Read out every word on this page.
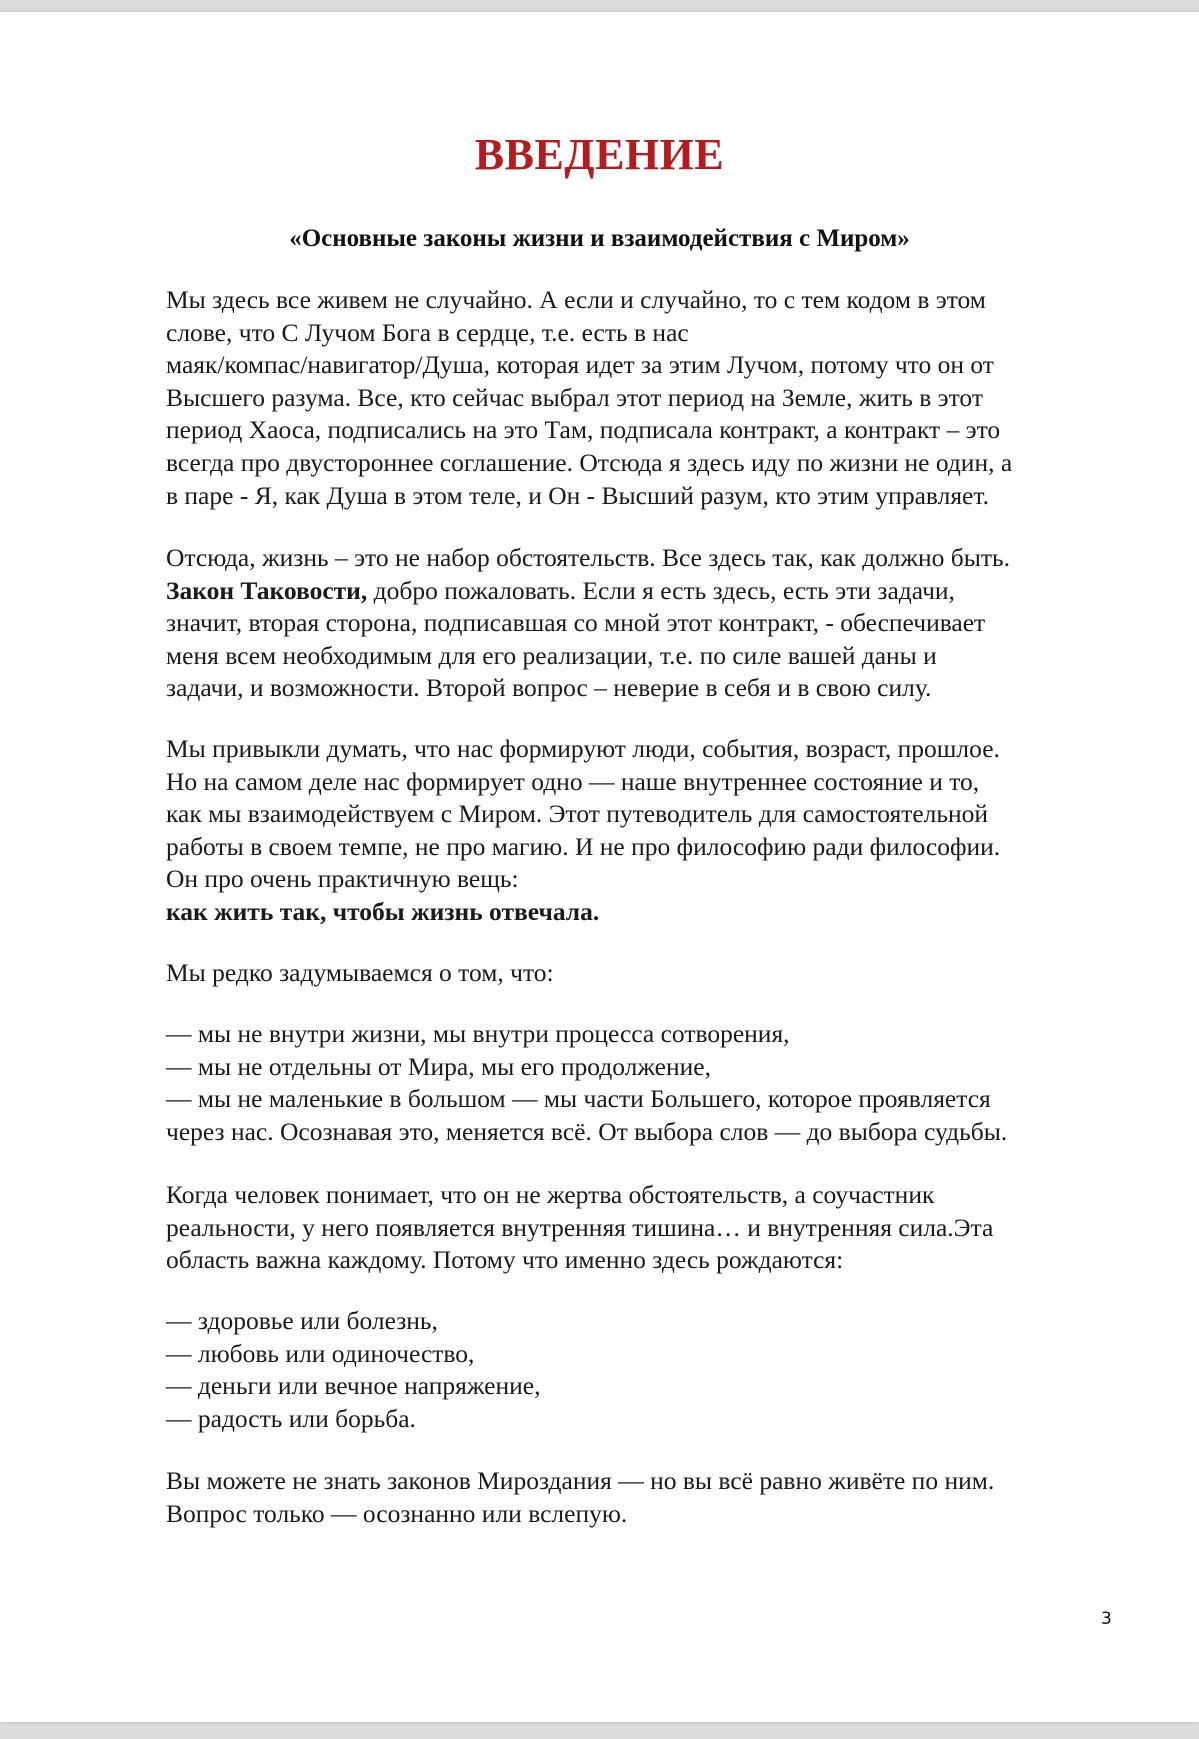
ВВЕДЕНИЕ
«Основные законы жизни и взаимодействия с Миром»

Мы здесь все живем не случайно. А если и случайно, то с тем кодом в этом
слове, что С Лучом Бога в сердце, т.е. есть в нас
маяк/компас/навигатор/Душа, которая идет за этим Лучом, потому что он от
Высшего разума. Все, кто сейчас выбрал этот период на Земле, жить в этот
период Хаоса, подписались на это Там, подписала контракт, а контракт – это
всегда про двустороннее соглашение. Отсюда я здесь иду по жизни не один, а
в паре - Я, как Душа в этом теле, и Он - Высший разум, кто этим управляет.

Отсюда, жизнь – это не набор обстоятельств. Все здесь так, как должно быть.
Закон Таковости, добро пожаловать. Если я есть здесь, есть эти задачи,
значит, вторая сторона, подписавшая со мной этот контракт, - обеспечивает
меня всем необходимым для его реализации, т.е. по силе вашей даны и
задачи, и возможности. Второй вопрос – неверие в себя и в свою силу.

Мы привыкли думать, что нас формируют люди, события, возраст, прошлое.
Но на самом деле нас формирует одно — наше внутреннее состояние и то,
как мы взаимодействуем с Миром. Этот путеводитель для самостоятельной
работы в своем темпе, не про магию. И не про философию ради философии.
Он про очень практичную вещь:
как жить так, чтобы жизнь отвечала.

Мы редко задумываемся о том, что:

— мы не внутри жизни, мы внутри процесса сотворения,
— мы не отдельны от Мира, мы его продолжение,
— мы не маленькие в большом — мы части Большего, которое проявляется
через нас. Осознавая это, меняется всё. От выбора слов — до выбора судьбы.

Когда человек понимает, что он не жертва обстоятельств, а соучастник
реальности, у него появляется внутренняя тишина… и внутренняя сила.Эта
область важна каждому. Потому что именно здесь рождаются:

— здоровье или болезнь,
— любовь или одиночество,
— деньги или вечное напряжение,
— радость или борьба.

Вы можете не знать законов Мироздания — но вы всё равно живёте по ним.
Вопрос только — осознанно или вслепую.

3
